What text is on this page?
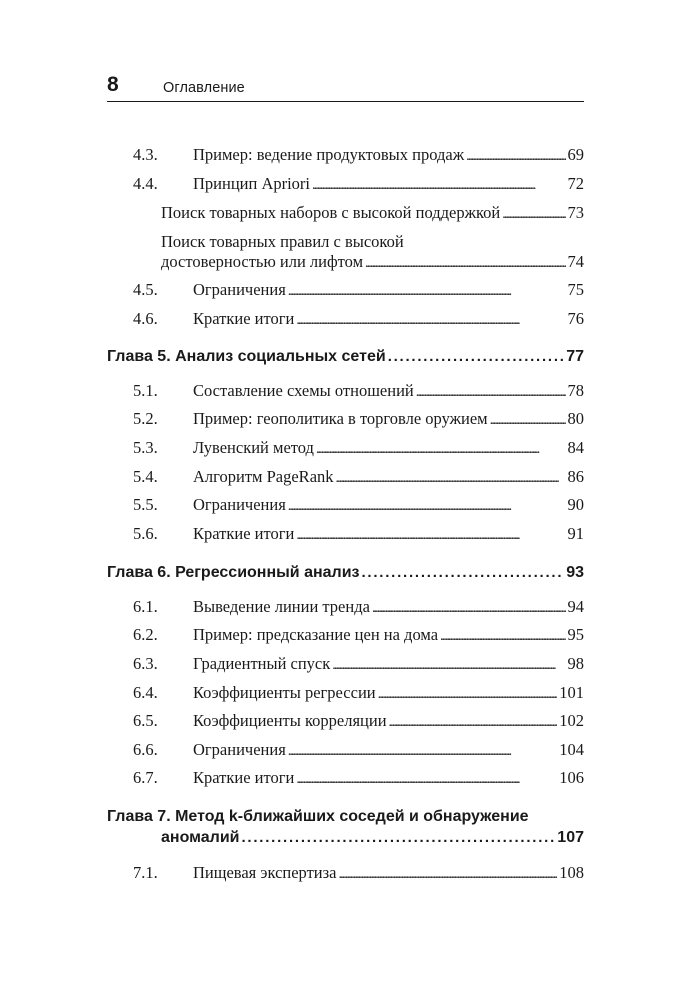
8	Оглавление
4.3.	Пример: ведение продуктовых продаж . . .	69
4.4.	Принцип Apriori . . .	72
Поиск товарных наборов с высокой поддержкой . . .	73
Поиск товарных правил с высокой
достоверностью или лифтом . . .	74
4.5.	Ограничения . . .	75
4.6.	Краткие итоги . . .	76
Глава 5. Анализ социальных сетей . . .	77
5.1.	Составление схемы отношений . . .	78
5.2.	Пример: геополитика в торговле оружием . . .	80
5.3.	Лувенский метод . . .	84
5.4.	Алгоритм PageRank . . .	86
5.5.	Ограничения . . .	90
5.6.	Краткие итоги . . .	91
Глава 6. Регрессионный анализ . . .	93
6.1.	Выведение линии тренда . . .	94
6.2.	Пример: предсказание цен на дома . . .	95
6.3.	Градиентный спуск . . .	98
6.4.	Коэффициенты регрессии . . .	101
6.5.	Коэффициенты корреляции . . .	102
6.6.	Ограничения . . .	104
6.7.	Краткие итоги . . .	106
Глава 7. Метод k-ближайших соседей и обнаружение
аномалий . . .	107
7.1.	Пищевая экспертиза . . .	108
